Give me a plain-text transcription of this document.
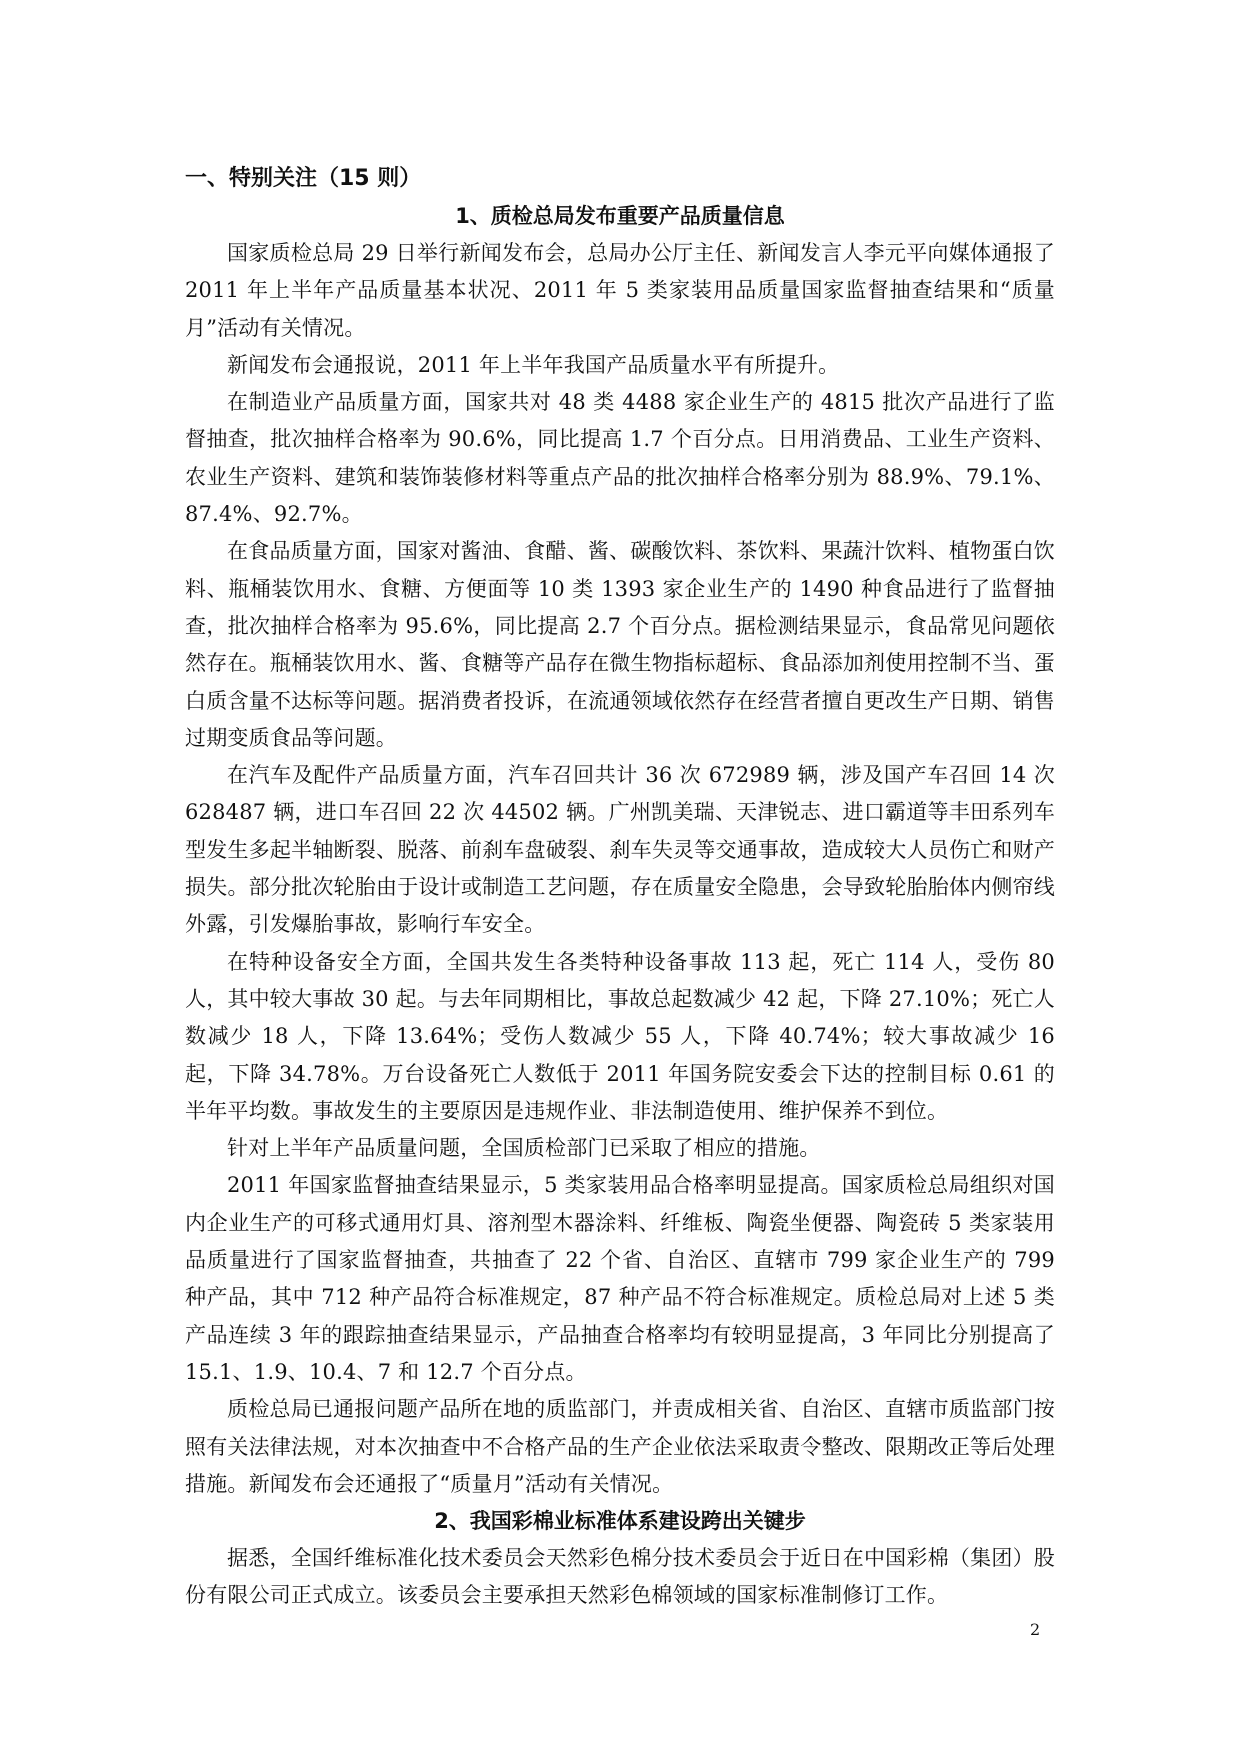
一、特别关注（15 则）
1、质检总局发布重要产品质量信息

国家质检总局 29 日举行新闻发布会，总局办公厅主任、新闻发言人李元平向媒体通报了 2011 年上半年产品质量基本状况、2011 年 5 类家装用品质量国家监督抽查结果和“质量月”活动有关情况。

新闻发布会通报说，2011 年上半年我国产品质量水平有所提升。

在制造业产品质量方面，国家共对 48 类 4488 家企业生产的 4815 批次产品进行了监督抽查，批次抽样合格率为 90.6%，同比提高 1.7 个百分点。日用消费品、工业生产资料、农业生产资料、建筑和装饰装修材料等重点产品的批次抽样合格率分别为 88.9%、79.1%、87.4%、92.7%。

在食品质量方面，国家对酱油、食醋、酱、碳酸饮料、茶饮料、果蔬汁饮料、植物蛋白饮料、瓶桶装饮用水、食糖、方便面等 10 类 1393 家企业生产的 1490 种食品进行了监督抽查，批次抽样合格率为 95.6%，同比提高 2.7 个百分点。据检测结果显示，食品常见问题依然存在。瓶桶装饮用水、酱、食糖等产品存在微生物指标超标、食品添加剂使用控制不当、蛋白质含量不达标等问题。据消费者投诉，在流通领域依然存在经营者擅自更改生产日期、销售过期变质食品等问题。

在汽车及配件产品质量方面，汽车召回共计 36 次 672989 辆，涉及国产车召回 14 次 628487 辆，进口车召回 22 次 44502 辆。广州凯美瑞、天津锐志、进口霸道等丰田系列车型发生多起半轴断裂、脱落、前刹车盘破裂、刹车失灵等交通事故，造成较大人员伤亡和财产损失。部分批次轮胎由于设计或制造工艺问题，存在质量安全隐患，会导致轮胎胎体内侧帘线外露，引发爆胎事故，影响行车安全。

在特种设备安全方面，全国共发生各类特种设备事故 113 起，死亡 114 人，受伤 80 人，其中较大事故 30 起。与去年同期相比，事故总起数减少 42 起，下降 27.10%；死亡人数减少 18 人，下降 13.64%；受伤人数减少 55 人，下降 40.74%；较大事故减少 16 起，下降 34.78%。万台设备死亡人数低于 2011 年国务院安委会下达的控制目标 0.61 的半年平均数。事故发生的主要原因是违规作业、非法制造使用、维护保养不到位。

针对上半年产品质量问题，全国质检部门已采取了相应的措施。

2011 年国家监督抽查结果显示，5 类家装用品合格率明显提高。国家质检总局组织对国内企业生产的可移式通用灯具、溶剂型木器涂料、纤维板、陶瓷坐便器、陶瓷砖 5 类家装用品质量进行了国家监督抽查，共抽查了 22 个省、自治区、直辖市 799 家企业生产的 799 种产品，其中 712 种产品符合标准规定，87 种产品不符合标准规定。质检总局对上述 5 类产品连续 3 年的跟踪抽查结果显示，产品抽查合格率均有较明显提高，3 年同比分别提高了 15.1、1.9、10.4、7 和 12.7 个百分点。

质检总局已通报问题产品所在地的质监部门，并责成相关省、自治区、直辖市质监部门按照有关法律法规，对本次抽查中不合格产品的生产企业依法采取责令整改、限期改正等后处理措施。新闻发布会还通报了“质量月”活动有关情况。

2、我国彩棉业标准体系建设跨出关键步

据悉，全国纤维标准化技术委员会天然彩色棉分技术委员会于近日在中国彩棉（集团）股份有限公司正式成立。该委员会主要承担天然彩色棉领域的国家标准制修订工作。

2
